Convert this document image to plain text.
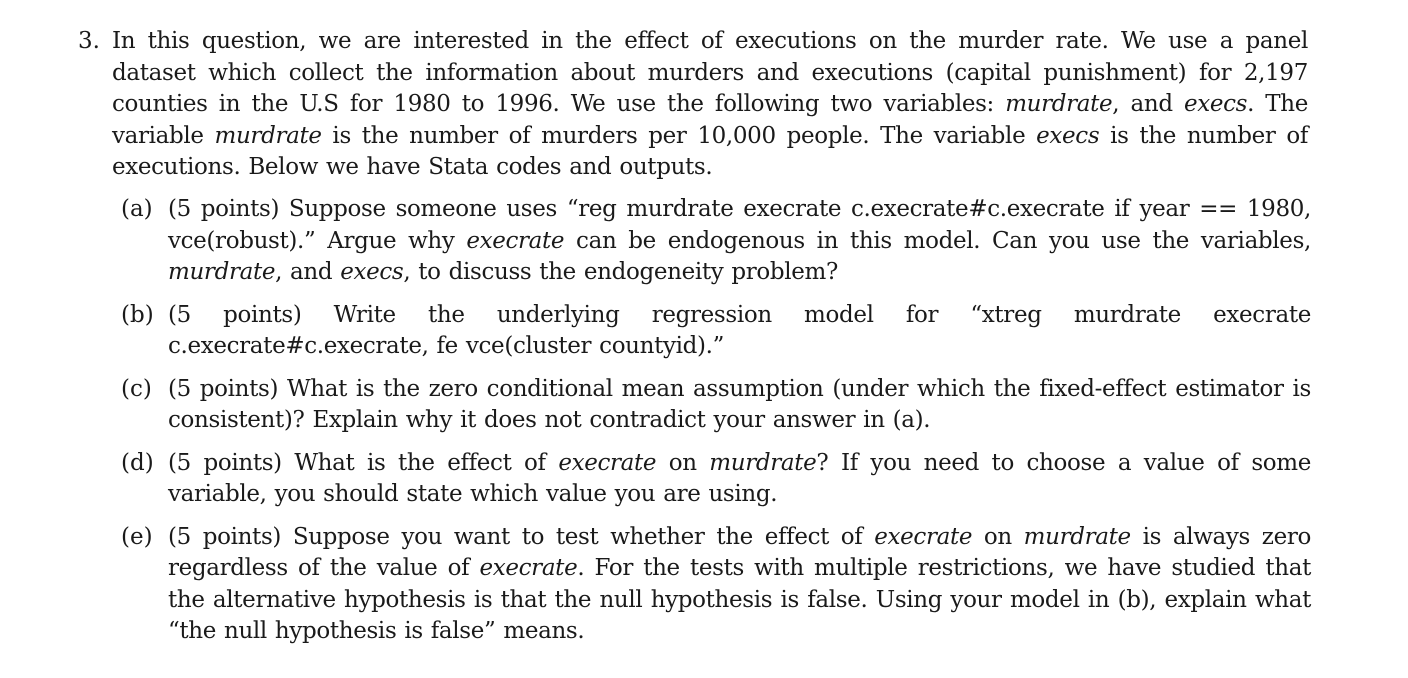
3. In this question, we are interested in the effect of executions on the murder rate. We use a panel dataset which collect the information about murders and executions (capital punishment) for 2,197 counties in the U.S for 1980 to 1996. We use the following two variables: murdrate, and execs. The variable murdrate is the number of murders per 10,000 people. The variable execs is the number of executions. Below we have Stata codes and outputs.
(a) (5 points) Suppose someone uses “reg murdrate execrate c.execrate#c.execrate if year == 1980, vce(robust).” Argue why execrate can be endogenous in this model. Can you use the variables, murdrate, and execs, to discuss the endogeneity problem?
(b) (5 points) Write the underlying regression model for “xtreg murdrate execrate c.execrate#c.execrate, fe vce(cluster countyid).”
(c) (5 points) What is the zero conditional mean assumption (under which the fixed-effect estimator is consistent)? Explain why it does not contradict your answer in (a).
(d) (5 points) What is the effect of execrate on murdrate? If you need to choose a value of some variable, you should state which value you are using.
(e) (5 points) Suppose you want to test whether the effect of execrate on murdrate is always zero regardless of the value of execrate. For the tests with multiple restrictions, we have studied that the alternative hypothesis is that the null hypothesis is false. Using your model in (b), explain what “the null hypothesis is false” means.
